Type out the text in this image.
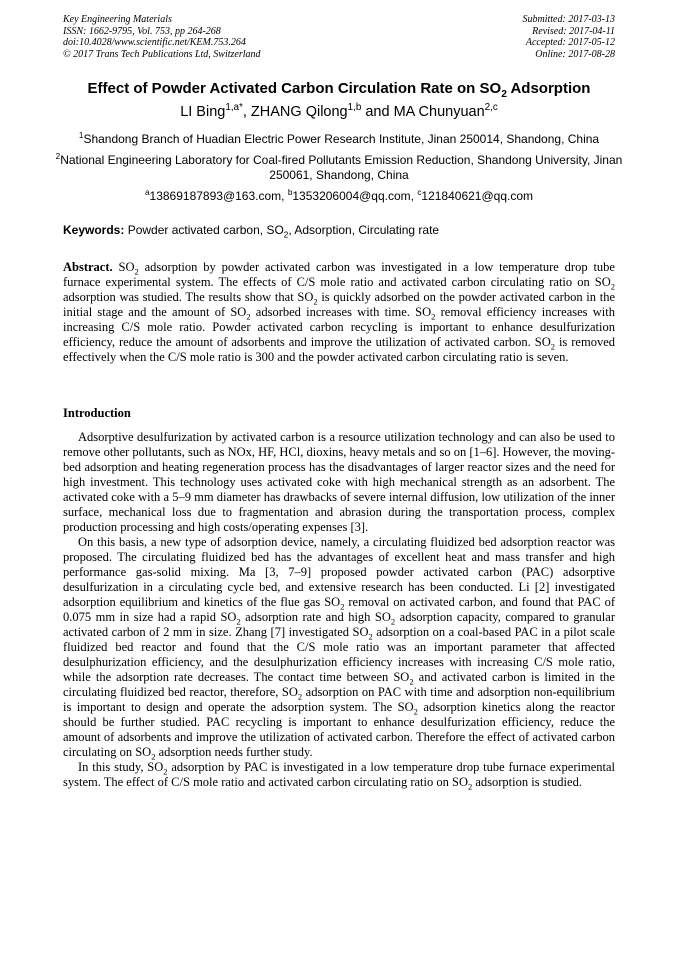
Key Engineering Materials
ISSN: 1662-9795, Vol. 753, pp 264-268
doi:10.4028/www.scientific.net/KEM.753.264
© 2017 Trans Tech Publications Ltd, Switzerland
Submitted: 2017-03-13
Revised: 2017-04-11
Accepted: 2017-05-12
Online: 2017-08-28
Effect of Powder Activated Carbon Circulation Rate on $SO_2$ Adsorption
LI Bing$^{1,a*}$, ZHANG Qilong$^{1,b}$ and MA Chunyuan$^{2,c}$
$^1$Shandong Branch of Huadian Electric Power Research Institute, Jinan 250014, Shandong, China
$^2$National Engineering Laboratory for Coal-fired Pollutants Emission Reduction, Shandong University, Jinan 250061, Shandong, China
$^a$13869187893@163.com, $^b$1353206004@qq.com, $^c$121840621@qq.com
Keywords: Powder activated carbon, $SO_2$, Adsorption, Circulating rate
Abstract. $SO_2$ adsorption by powder activated carbon was investigated in a low temperature drop tube furnace experimental system. The effects of C/S mole ratio and activated carbon circulating ratio on $SO_2$ adsorption was studied. The results show that $SO_2$ is quickly adsorbed on the powder activated carbon in the initial stage and the amount of $SO_2$ adsorbed increases with time. $SO_2$ removal efficiency increases with increasing C/S mole ratio. Powder activated carbon recycling is important to enhance desulfurization efficiency, reduce the amount of adsorbents and improve the utilization of activated carbon. $SO_2$ is removed effectively when the C/S mole ratio is 300 and the powder activated carbon circulating ratio is seven.
Introduction

Adsorptive desulfurization by activated carbon is a resource utilization technology and can also be used to remove other pollutants, such as NOx, HF, HCl, dioxins, heavy metals and so on [1–6]. However, the moving-bed adsorption and heating regeneration process has the disadvantages of larger reactor sizes and the need for high investment. This technology uses activated coke with high mechanical strength as an adsorbent. The activated coke with a 5–9 mm diameter has drawbacks of severe internal diffusion, low utilization of the inner surface, mechanical loss due to fragmentation and abrasion during the transportation process, complex production processing and high costs/operating expenses [3].

On this basis, a new type of adsorption device, namely, a circulating fluidized bed adsorption reactor was proposed. The circulating fluidized bed has the advantages of excellent heat and mass transfer and high performance gas-solid mixing. Ma [3, 7–9] proposed powder activated carbon (PAC) adsorptive desulfurization in a circulating cycle bed, and extensive research has been conducted. Li [2] investigated adsorption equilibrium and kinetics of the flue gas $SO_2$ removal on activated carbon, and found that PAC of 0.075 mm in size had a rapid $SO_2$ adsorption rate and high $SO_2$ adsorption capacity, compared to granular activated carbon of 2 mm in size. Zhang [7] investigated $SO_2$ adsorption on a coal-based PAC in a pilot scale fluidized bed reactor and found that the C/S mole ratio was an important parameter that affected desulphurization efficiency, and the desulphurization efficiency increases with increasing C/S mole ratio, while the adsorption rate decreases. The contact time between $SO_2$ and activated carbon is limited in the circulating fluidized bed reactor, therefore, $SO_2$ adsorption on PAC with time and adsorption non-equilibrium is important to design and operate the adsorption system. The $SO_2$ adsorption kinetics along the reactor should be further studied. PAC recycling is important to enhance desulfurization efficiency, reduce the amount of adsorbents and improve the utilization of activated carbon. Therefore the effect of activated carbon circulating on $SO_2$ adsorption needs further study.

In this study, $SO_2$ adsorption by PAC is investigated in a low temperature drop tube furnace experimental system. The effect of C/S mole ratio and activated carbon circulating ratio on $SO_2$ adsorption is studied.
